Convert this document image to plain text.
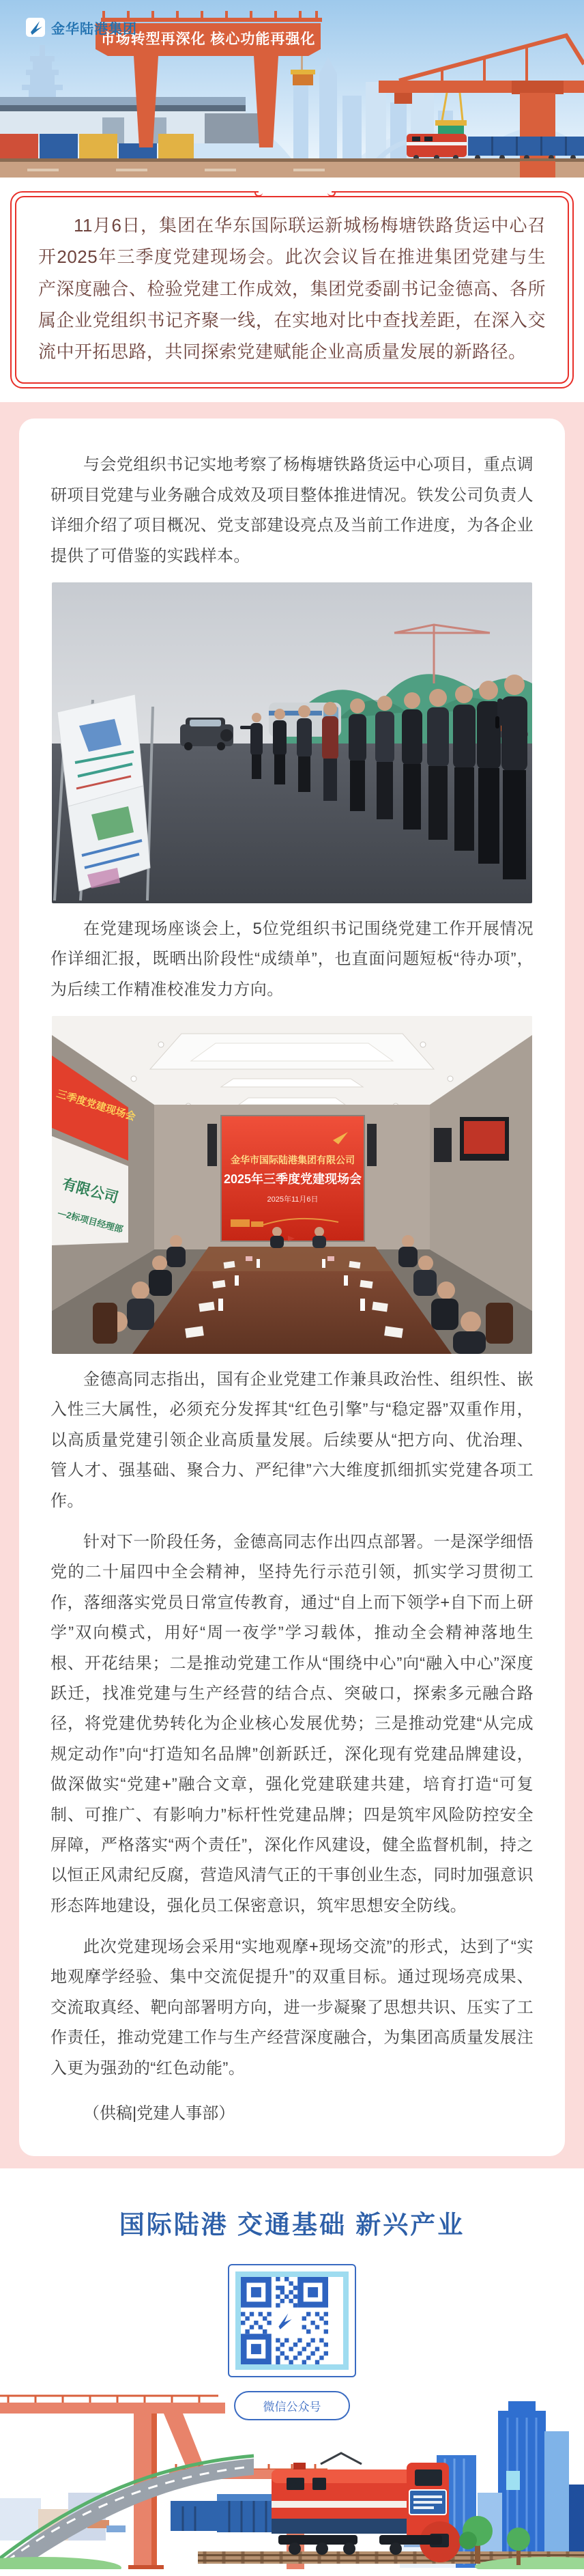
市场转型再深化 核心功能再强化
金华陆港集团

11月6日，集团在华东国际联运新城杨梅塘铁路货运中心召开2025年三季度党建现场会。此次会议旨在推进集团党建与生产深度融合、检验党建工作成效，集团党委副书记金德高、各所属企业党组织书记齐聚一线，在实地对比中查找差距，在深入交流中开拓思路，共同探索党建赋能企业高质量发展的新路径。

与会党组织书记实地考察了杨梅塘铁路货运中心项目，重点调研项目党建与业务融合成效及项目整体推进情况。铁发公司负责人详细介绍了项目概况、党支部建设亮点及当前工作进度，为各企业提供了可借鉴的实践样本。

在党建现场座谈会上，5位党组织书记围绕党建工作开展情况作详细汇报，既晒出阶段性“成绩单”，也直面问题短板“待办项”，为后续工作精准校准发力方向。

三季度党建现场会
有限公司
—2标项目经理部
金华市国际陆港集团有限公司
2025年三季度党建现场会
2025年11月6日

金德高同志指出，国有企业党建工作兼具政治性、组织性、嵌入性三大属性，必须充分发挥其“红色引擎”与“稳定器”双重作用，以高质量党建引领企业高质量发展。后续要从“把方向、优治理、管人才、强基础、聚合力、严纪律”六大维度抓细抓实党建各项工作。

针对下一阶段任务，金德高同志作出四点部署。一是深学细悟党的二十届四中全会精神，坚持先行示范引领，抓实学习贯彻工作，落细落实党员日常宣传教育，通过“自上而下领学+自下而上研学”双向模式，用好“周一夜学”学习载体，推动全会精神落地生根、开花结果；二是推动党建工作从“围绕中心”向“融入中心”深度跃迁，找准党建与生产经营的结合点、突破口，探索多元融合路径，将党建优势转化为企业核心发展优势；三是推动党建“从完成规定动作”向“打造知名品牌”创新跃迁，深化现有党建品牌建设，做深做实“党建+”融合文章，强化党建联建共建，培育打造“可复制、可推广、有影响力”标杆性党建品牌；四是筑牢风险防控安全屏障，严格落实“两个责任”，深化作风建设，健全监督机制，持之以恒正风肃纪反腐，营造风清气正的干事创业生态，同时加强意识形态阵地建设，强化员工保密意识，筑牢思想安全防线。

此次党建现场会采用“实地观摩+现场交流”的形式，达到了“实地观摩学经验、集中交流促提升”的双重目标。通过现场亮成果、交流取真经、靶向部署明方向，进一步凝聚了思想共识、压实了工作责任，推动党建工作与生产经营深度融合，为集团高质量发展注入更为强劲的“红色动能”。

（供稿|党建人事部）

国际陆港 交通基础 新兴产业
微信公众号
